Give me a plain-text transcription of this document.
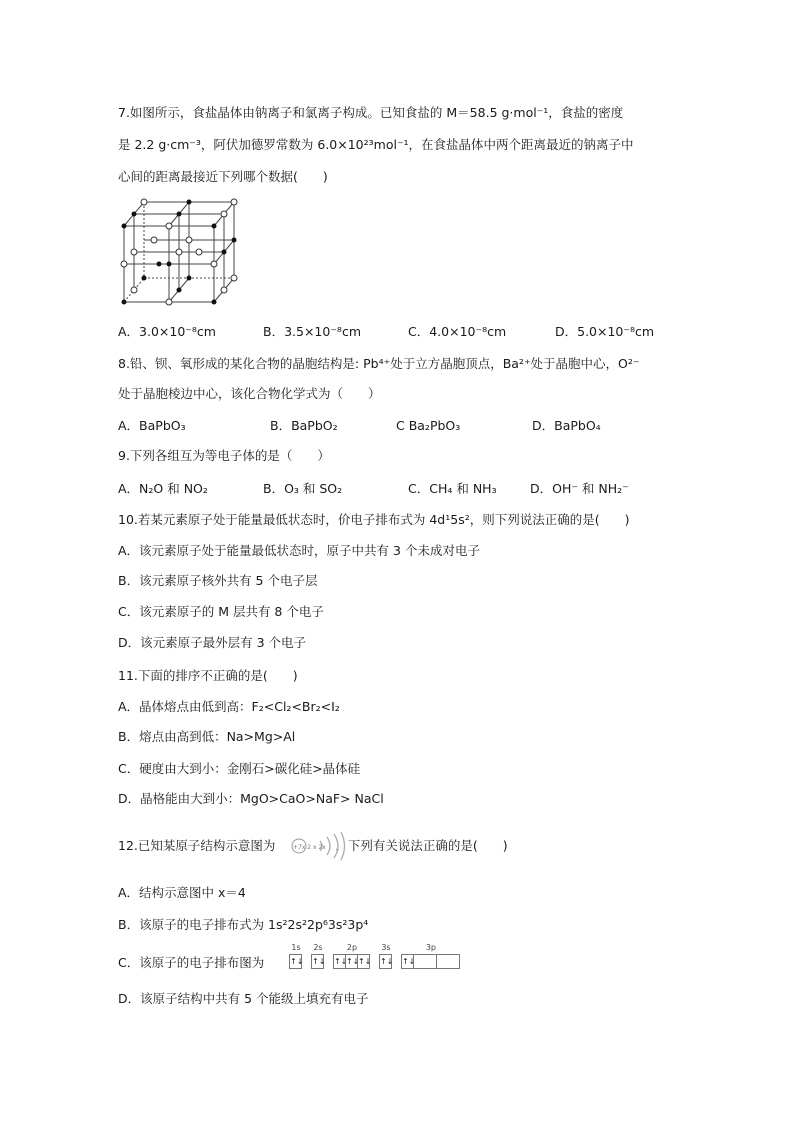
7.如图所示，食盐晶体由钠离子和氯离子构成。已知食盐的 M＝58.5 g·mol⁻¹，食盐的密度
是 2.2 g·cm⁻³，阿伏加德罗常数为 6.0×10²³mol⁻¹，在食盐晶体中两个距离最近的钠离子中
心间的距离最接近下列哪个数据(　　)
A．3.0×10⁻⁸cm	B．3.5×10⁻⁸cm	C．4.0×10⁻⁸cm	D．5.0×10⁻⁸cm
8.铅、钡、氧形成的某化合物的晶胞结构是: Pb⁴⁺处于立方晶胞顶点，Ba²⁺处于晶胞中心，O²⁻
处于晶胞棱边中心，该化合物化学式为（　　）
A．BaPbO₃	B．BaPbO₂	C Ba₂PbO₃	D．BaPbO₄
9.下列各组互为等电子体的是（　　）
A．N₂O 和 NO₂	B．O₃ 和 SO₂	C．CH₄ 和 NH₃	D．OH⁻ 和 NH₂⁻
10.若某元素原子处于能量最低状态时，价电子排布式为 4d¹5s²，则下列说法正确的是(　　)
A．该元素原子处于能量最低状态时，原子中共有 3 个未成对电子
B．该元素原子核外共有 5 个电子层
C．该元素原子的 M 层共有 8 个电子
D．该元素原子最外层有 3 个电子
11.下面的排序不正确的是(　　)
A．晶体熔点由低到高：F₂<Cl₂<Br₂<I₂
B．熔点由高到低：Na>Mg>Al
C．硬度由大到小：金刚石>碳化硅>晶体硅
D．晶格能由大到小：MgO>CaO>NaF> NaCl
12.已知某原子结构示意图为	，下列有关说法正确的是(　　)
+7x 2 x 2x
A．结构示意图中 x＝4
B．该原子的电子排布式为 1s²2s²2p⁶3s²3p⁴
C．该原子的电子排布图为
1s
↑↓
2s
↑↓
2p
↑↓↑↓↑↓
3s
↑↓
3p
↑↓
D．该原子结构中共有 5 个能级上填充有电子
